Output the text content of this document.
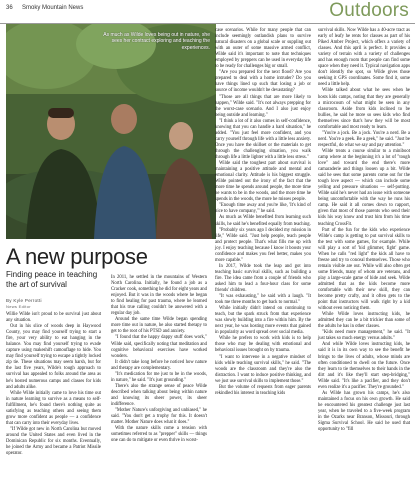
36 Smoky Mountain News	Outdoors
As much as Wilde loves being out in nature, she sees her contract exploring and teaching the experiences.
A new purpose
Finding peace in teaching the art of survival
By Kyle Perrotti
News Editor

Willie Wilde isn't proud to be survival just about any situation.

Out in his slice of woods deep in Haywood County, you may find yourself trying to start a fire, your very ability to eat hanging in the balance. You may find yourself trying to evade capture using makeshift camouflage to hide. You may find yourself trying to escape a tightly locked zip tie. These situations may seem harsh, but for the last five years, Wilde's tough approach to survival has appealed to folks around the area as he's hosted numerous camps and classes for kids and adults alike.

While Wilde initially came to love his time out in nature learning to survive as a means to self-fulfillment, he's found there's nothing quite as satisfying as teaching others and seeing them grow more confident as people — a confidence that can carry into their everyday lives.

"If Wilde got new in North Carolina but moved around the United States and even lived in the Dominican Republic for six months. Eventually, he joined the Army and became a Patriot Missile operator.

In 2011, he settled in the mountains of Western North Carolina. Initially, he found a job as a Cracker cook, something he did for eight years and enjoyed. But it was in the woods where he began to find healing for past trauma, where he learned that his true calling couldn't be answered with a regular day job.

Around the same time Wilde began spending more time out in nature, he also started therapy to get to the root of his PTSD and anxiety.

"I found that the happy dappy stuff does work," Wilde said, specifically noting that meditation and cognitive behavioral exercises have worked wonders.

It didn't take long before he noticed how nature and therapy are complementary.

"It's medication for me just to be in the woods, in nature," he said. "It's just grounding."

There's also the strange sense of peace Wilde described when talking about being within nature and knowing its sheer power, its sheer indifference.

"Mother Nature's unforgiving and unbiased," he said. "You don't get a trophy for this. It doesn't matter. Mother Nature does what it does."

With the nature skills come a tension with sometimes referred to as "prepper" skills — things one can do to mitigate or even thrive in worst-

case scenarios. While for many people that can include seemingly outlandish plans to survive natural disasters on a global scale or suppling out with an outer of some massive armed conflict, Wilde said it's important to note that techniques employed by preppers can be used in everyday life to be ready for challenges big or small.

"Are you prepared for the next flood? Are you prepared to deal with a home intruder? Do you have things lined up such that losing a job or source of income wouldn't be devastating?

"Those are all things that are more likely to happen," Wilde said. "It's not always prepping for the worst-case scenario. And I also just enjoy being outside and learning."

"I think a lot of it also comes in self-confidence, knowing that you can handle a hard situation," he added. "You just feel more confident, and you carry yourself through life with a little less anxiety. Once you have the skillset or the materials to get through the challenging situation, you walk through life a little lighter with a little less stress."

Wilde said the toughest part about survival is maintaining a positive attitude and mental and emotional clarity. Attitude is his biggest struggle. Wilde pointed out the irony of the fact that the more time he spends around people, the more time he wants to be in the woods, and the more time he spends in the woods, the more he misses people.

"Enough time away and you're like, 'It's kind of nice to have company,'" he said.

As much as Wilde benefited from learning such skills, he said he's benefited equally from teaching.

"Probably six years ago I decided my mission in life," Wilde said. "Just help people, teach people and protect people. That's what fills me up with joy. I enjoy teaching because I know it boosts your confidence and makes you feel better, makes you more capable."

In 2017, Wilde took the leap and got into teaching basic survival skills, such as building a fire. The idea came from a couple of friends who asked him to lead a four-hour class for some friends' children.

"It was exhausting," he said with a laugh. "It took me three months to get back to normal."

While initially didn't intend on continuing to teach, but the spark struck from that experience was slowly building into a fire within him. By the next year, he was hosting more events that gained in popularity as word spread over social media.

While he prefers to work with kids is to help those who may be dealing with emotional and behavioral issues brought on by trauma.

"I want to intervene in a negative mindset of kids while teaching survival skills," he said. "The woods are the classroom and they're also the distraction. I want to induce positive thinking, and we just use survival skills to implement those."

But the volume of requests from eager parents rekindled his interest in teaching kids

survival skills. Now Wilde has a 40-acre tract as early of leafy he rents for classes as part of his Piked Amber Project, which offers a variety of classes. And this april is perfect. It provides a variety of terrain with a variety of challenges and has enough room that people can find some space when they need it. Typical navigation apps don't identify the spot, so Wilde gives those seeking it GPS coordinates. Some find it, some need a little help.

Wilde talked about what he sees when he hosts kids camps, noting that they are generally a microcosm of what might be seen in any classroom. Aside from kids inclined to be bullies, he said he more so sees kids who find themselves since that's how they will be most comfortable and most ready to learn.

"You're a jock. Be a jock. You're a nerd. Be a nerd. You're a geek. Be a geek," he said. "Just be respectful, do what we say and pay attention."

Wilde treats a course similar to a miniboot camp where at the beginning it's a lot of "tough love" and toward the end there's more camaraderie and things loosen up a bit. Wilde said he sees that some parents come out for the tough love aspect — which can include some yelling and pressure situations — self-putting. Wilde said he's never had an issue with someone being uncomfortable with the way he runs his camp. He said it all comes down to rapport, given that most of those parents who send their kids his way know and trust him from his time teaching CrossFit.

Part of the fun for the kids who experience Wilde's camp is getting to put survival skills to the test with some games, for example. While will play a sort of 'hid glimmer, fight' game. When he calls "red light" the kids all have to freeze and try to conceal themselves. Those who remain visible are out. While will also often get some friends, many of whom are veterans, and play a large-scale game of hide and seek. Wilde admitted that as the kids become more comfortable with their new skill, they can become pretty crafty, and it often gets to the point that instructors will walk right by a kid without even noticing them.

While Wilde loves instructing kids, he admitted they can be a bit trickier than some of the adults he has in other classes.

"Kids need more management," he said. "It just takes so much energy versus adults."

And while Wilde loves instructing kids, he said it is in its own way to see the benefit he brings to the lives of adults, whose minds are often conditioned to dwell on the future. Once they learn to tie themselves to their hands in the dirt and it's like they'll start step-bridging," Wilde said. "It's like a pacifier, and they don't even realize it's a pacifier. They're grounded."

As Wilde has grown his camps, he's also maintained a focus on his own growth. He said he encountered his greatest challenge just last year, when he traveled to a five-week program in the Ozarks near Branson, Missouri, through Sigma Survival School. He said he used that opportunity to "fill
